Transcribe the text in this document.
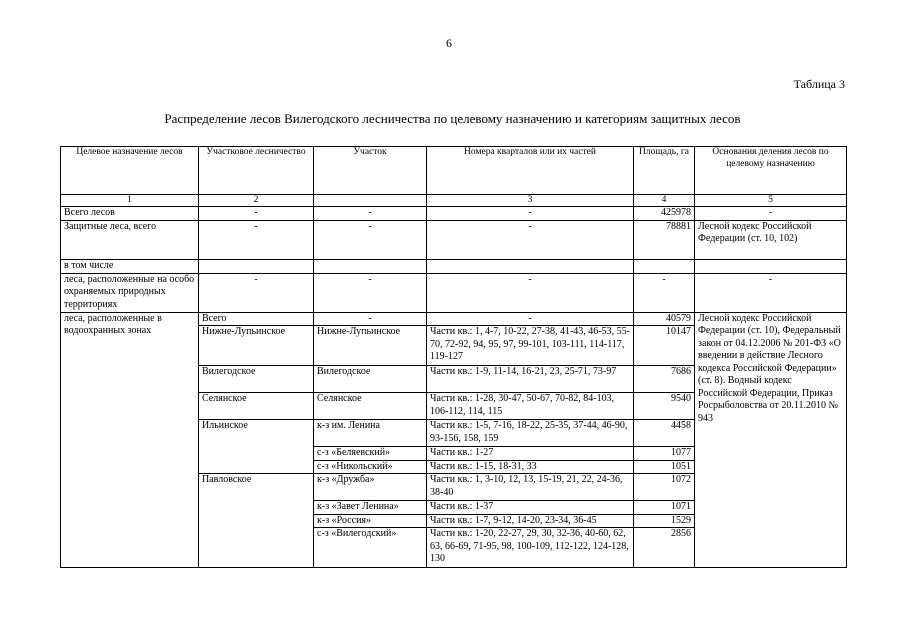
6
Таблица 3
Распределение лесов Вилегодского лесничества по целевому назначению и категориям защитных лесов
Целевое назначение лесов	Участковое лесничество	Участок	Номера кварталов или их частей	Площадь, га	Основания деления лесов по целевому назначению
1	2		3	4	5
Всего лесов	-	-	-	425978	-
Защитные леса, всего	-	-	-	78881	Лесной кодекс Российской Федерации (ст. 10, 102)
в том числе					
леса, расположенные на особо охраняемых природных территориях	-	-	-	-	-
леса, расположенные в водоохранных зонах	Всего	-	-	40579	Лесной кодекс Российской Федерации (ст. 10), Федеральный закон от 04.12.2006 № 201-ФЗ «О введении в действие Лесного кодекса Российской Федерации» (ст. 8). Водный кодекс Российской Федерации, Приказ Росрыболовства от 20.11.2010 № 943
	Нижне-Лупьинское	Нижне-Лупьинское	Части кв.: 1, 4-7, 10-22, 27-38, 41-43, 46-53, 55-70, 72-92, 94, 95, 97, 99-101, 103-111, 114-117, 119-127	10147	
	Вилегодское	Вилегодское	Части кв.: 1-9, 11-14, 16-21, 23, 25-71, 73-97	7686	
	Селянское	Селянское	Части кв.: 1-28, 30-47, 50-67, 70-82, 84-103, 106-112, 114, 115	9540	
	Ильинское	к-з им. Ленина	Части кв.: 1-5, 7-16, 18-22, 25-35, 37-44, 46-90, 93-156, 158, 159	4458	
		с-з «Беляевский»	Части кв.: 1-27	1077	
		с-з «Никольский»	Части кв.: 1-15, 18-31, 33	1051	
	Павловское	к-з «Дружба»	Части кв.: 1, 3-10, 12, 13, 15-19, 21, 22, 24-36, 38-40	1072	
		к-з «Завет Ленина»	Части кв.: 1-37	1071	
		к-з «Россия»	Части кв.: 1-7, 9-12, 14-20, 23-34, 36-45	1529	
		с-з «Вилегодский»	Части кв.: 1-20, 22-27, 29, 30, 32-36, 40-60, 62, 63, 66-69, 71-95, 98, 100-109, 112-122, 124-128, 130	2856	
